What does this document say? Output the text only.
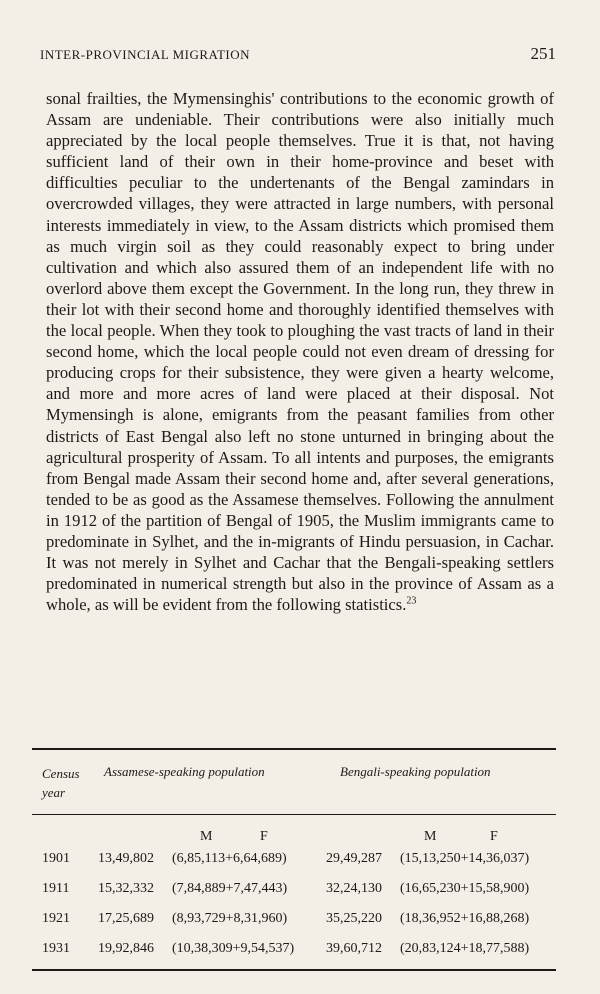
INTER-PROVINCIAL MIGRATION	251

sonal frailties, the Mymensinghis' contributions to the economic growth of Assam are undeniable. Their contributions were also initially much appreciated by the local people themselves. True it is that, not having sufficient land of their own in their home-province and beset with difficulties peculiar to the undertenants of the Bengal zamindars in overcrowded villages, they were attracted in large numbers, with personal interests immediately in view, to the Assam districts which promised them as much virgin soil as they could reasonably expect to bring under cultivation and which also assured them of an independent life with no overlord above them except the Government. In the long run, they threw in their lot with their second home and thoroughly identified themselves with the local people. When they took to ploughing the vast tracts of land in their second home, which the local people could not even dream of dressing for producing crops for their subsistence, they were given a hearty welcome, and more and more acres of land were placed at their disposal. Not Mymensingh is alone, emigrants from the peasant families from other districts of East Bengal also left no stone unturned in bringing about the agricultural prosperity of Assam. To all intents and purposes, the emigrants from Bengal made Assam their second home and, after several generations, tended to be as good as the Assamese themselves. Following the annulment in 1912 of the partition of Bengal of 1905, the Muslim immigrants came to predominate in Sylhet, and the in-migrants of Hindu persuasion, in Cachar. It was not merely in Sylhet and Cachar that the Bengali-speaking settlers predominated in numerical strength but also in the province of Assam as a whole, as will be evident from the following statistics.$^{23}$

Census year
Assamese-speaking population	Bengali-speaking population
M	F	M	F
1901 13,49,802 (6,85,113+6,64,689)	29,49,287 (15,13,250+14,36,037)
1911 15,32,332 (7,84,889+7,47,443)	32,24,130 (16,65,230+15,58,900)
1921 17,25,689 (8,93,729+8,31,960)	35,25,220 (18,36,952+16,88,268)
1931 19,92,846 (10,38,309+9,54,537) 39,60,712 (20,83,124+18,77,588)
